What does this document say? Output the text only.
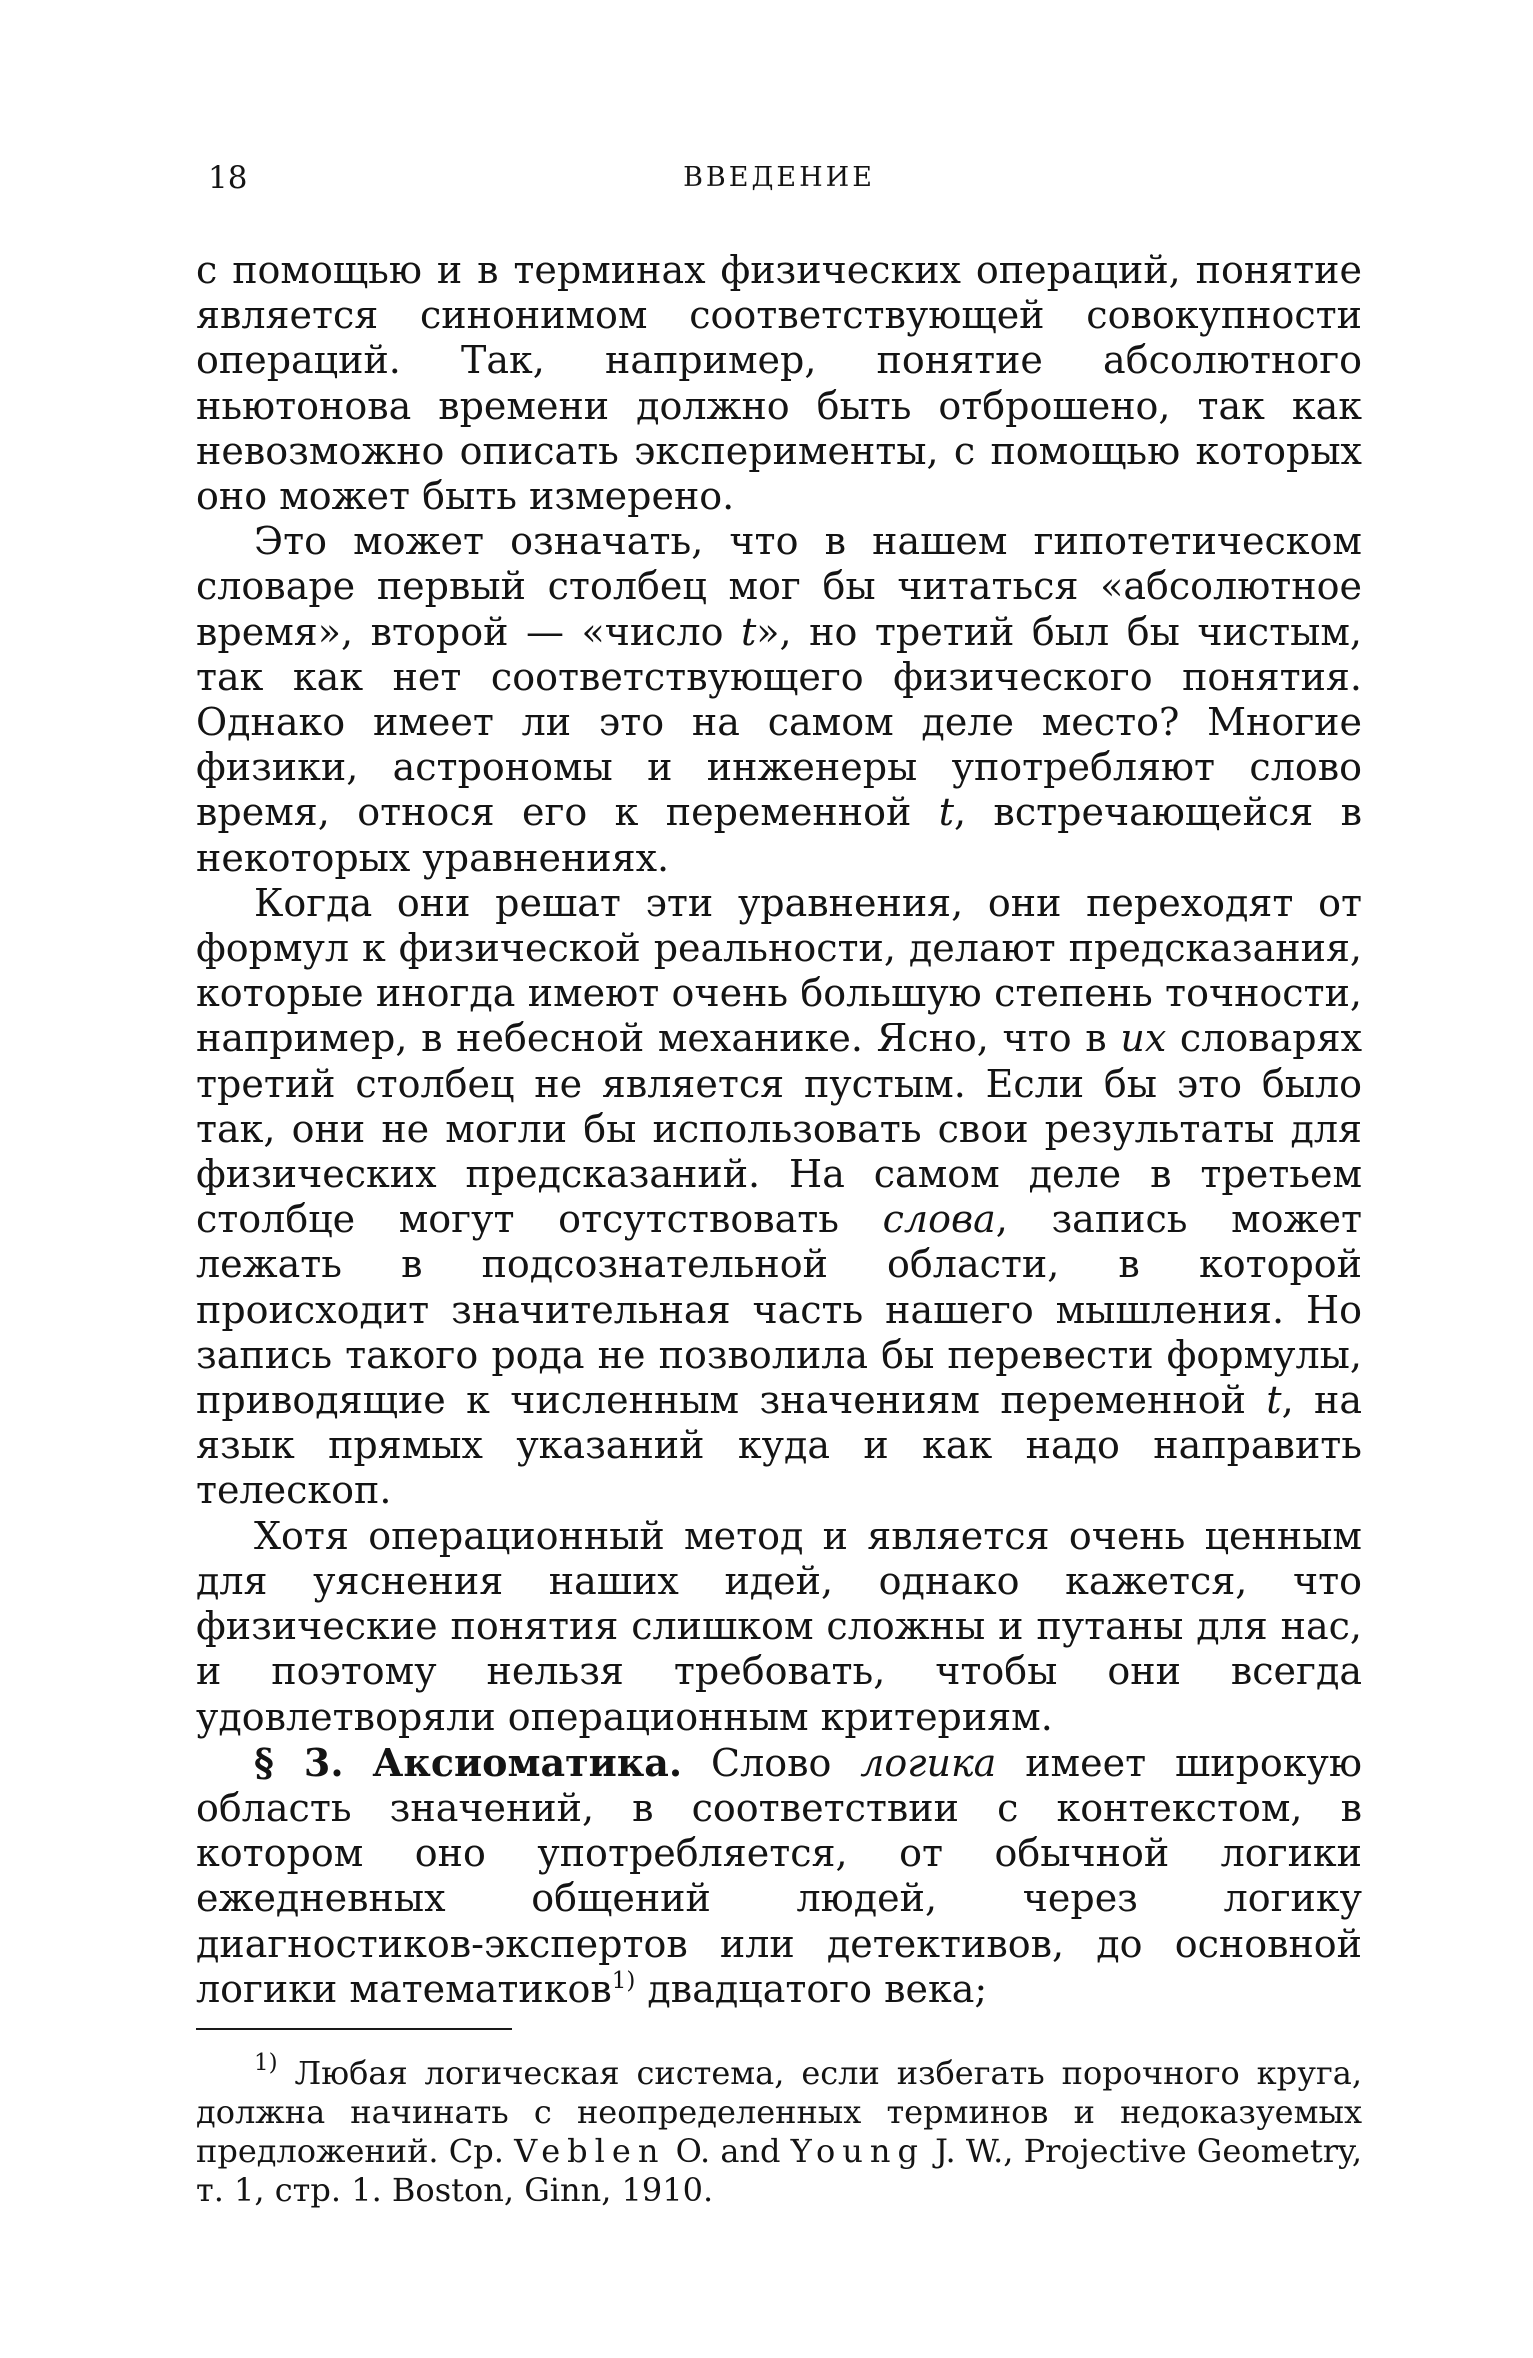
18	ВВЕДЕНИЕ

с помощью и в терминах физических операций, понятие является синонимом соответствующей совокупности операций. Так, например, понятие абсолютного ньютонова времени должно быть отброшено, так как невозможно описать эксперименты, с помощью которых оно может быть измерено.

Это может означать, что в нашем гипотетическом словаре первый столбец мог бы читаться «абсолютное время», второй — «число t», но третий был бы чистым, так как нет соответствующего физического понятия. Однако имеет ли это на самом деле место? Многие физики, астрономы и инженеры употребляют слово время, относя его к переменной t, встречающейся в некоторых уравнениях.

Когда они решат эти уравнения, они переходят от формул к физической реальности, делают предсказания, которые иногда имеют очень большую степень точности, например, в небесной механике. Ясно, что в их словарях третий столбец не является пустым. Если бы это было так, они не могли бы использовать свои результаты для физических предсказаний. На самом деле в третьем столбце могут отсутствовать слова, запись может лежать в подсознательной области, в которой происходит значительная часть нашего мышления. Но запись такого рода не позволила бы перевести формулы, приводящие к численным значениям переменной t, на язык прямых указаний куда и как надо направить телескоп.

Хотя операционный метод и является очень ценным для уяснения наших идей, однако кажется, что физические понятия слишком сложны и путаны для нас, и поэтому нельзя требовать, чтобы они всегда удовлетворяли операционным критериям.

§ 3. Аксиоматика. Слово логика имеет широкую область значений, в соответствии с контекстом, в котором оно употребляется, от обычной логики ежедневных общений людей, через логику диагностиков-экспертов или детективов, до основной логики математиков$^{1)}$ двадцатого века;

$^{1)}$ Любая логическая система, если избегать порочного круга, должна начинать с неопределенных терминов и недоказуемых предложений. Ср. Veblen O. and Young J. W., Projective Geometry, т. 1, стр. 1. Boston, Ginn, 1910.
